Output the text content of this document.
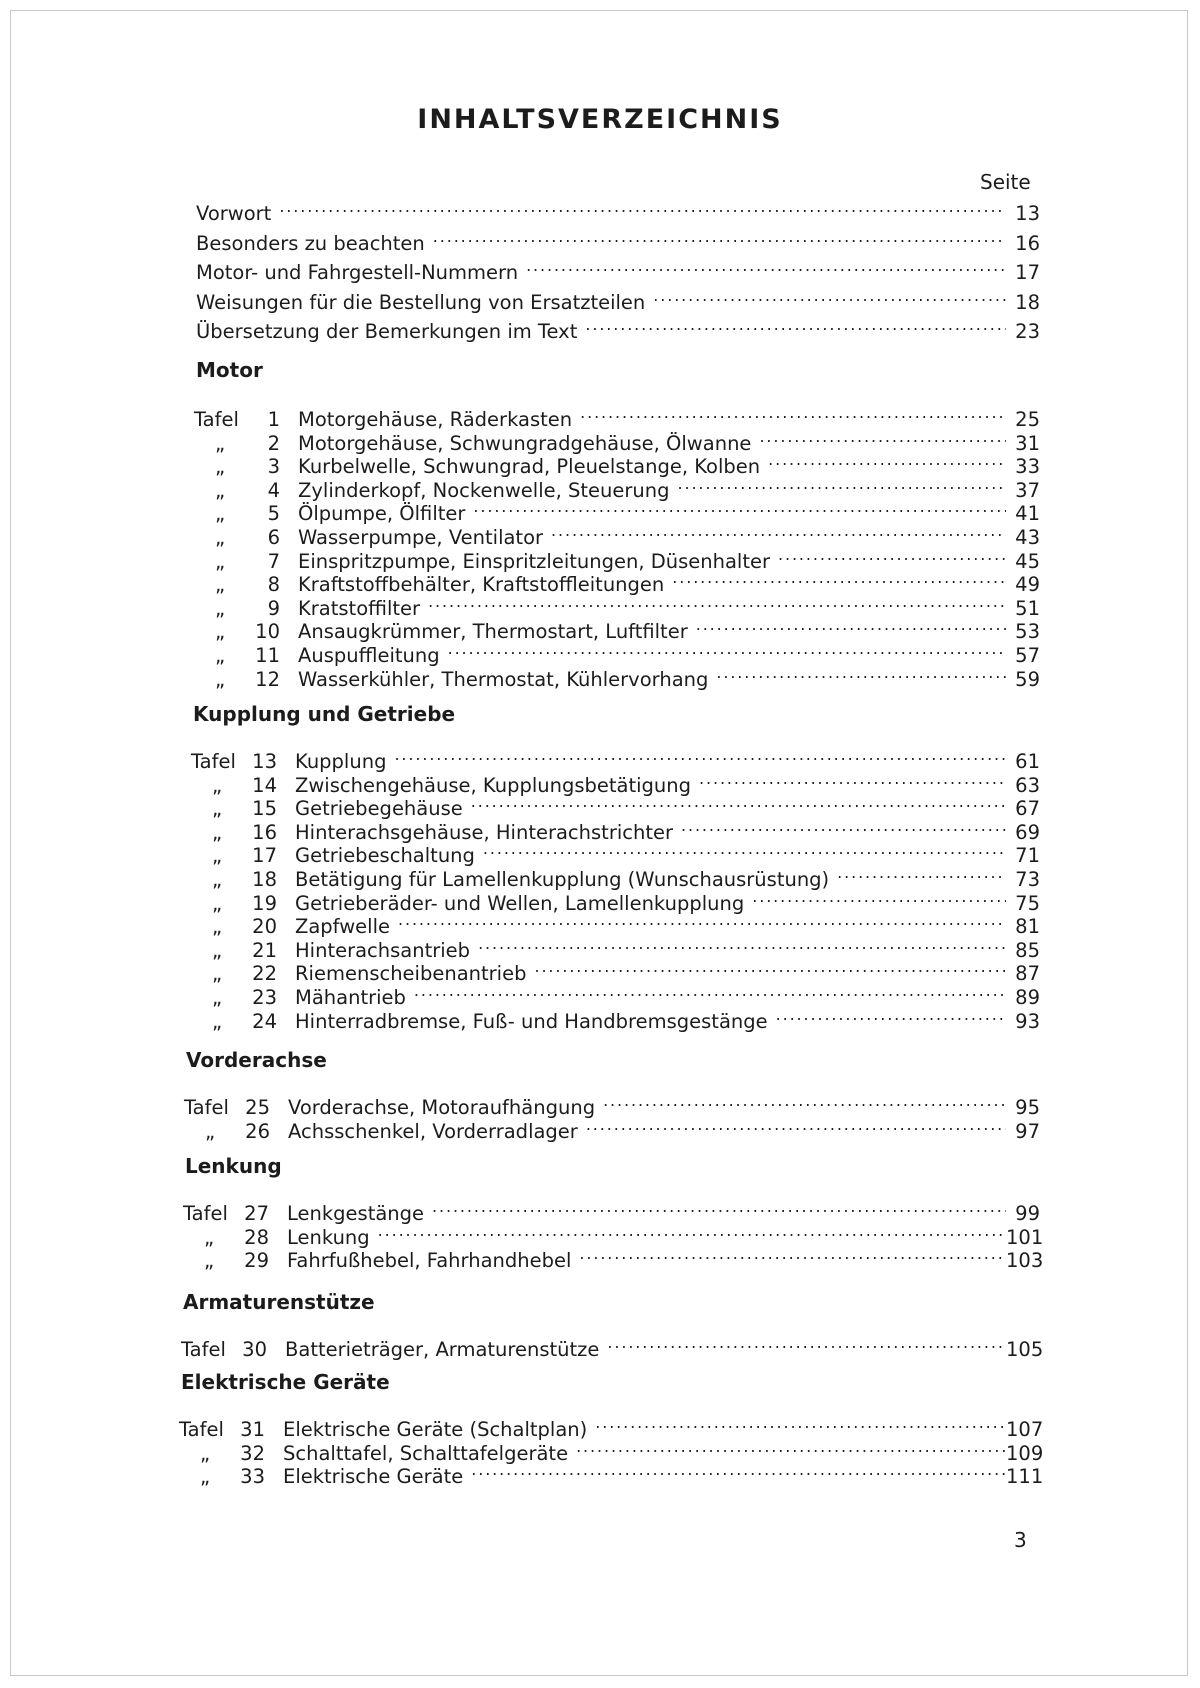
INHALTSVERZEICHNIS
Seite
Vorwort . . .	13
Besonders zu beachten . . .	16
Motor- und Fahrgestell-Nummern . . .	17
Weisungen für die Bestellung von Ersatzteilen . . .	18
Übersetzung der Bemerkungen im Text . . .	23
Motor
Tafel	1 Motorgehäuse, Räderkasten . . .	25
„	2 Motorgehäuse, Schwungradgehäuse, Ölwanne . . .	31
„	3 Kurbelwelle, Schwungrad, Pleuelstange, Kolben . . .	33
„	4 Zylinderkopf, Nockenwelle, Steuerung . . .	37
„	5 Ölpumpe, Ölfilter . . .	41
„	6 Wasserpumpe, Ventilator . . .	43
„	7 Einspritzpumpe, Einspritzleitungen, Düsenhalter . . .	45
„	8 Kraftstoffbehälter, Kraftstoffleitungen . . .	49
„	9 Kratstoffilter . . .	51
„	10 Ansaugkrümmer, Thermostart, Luftfilter . . .	53
„	11 Auspuffleitung . . .	57
„	12 Wasserkühler, Thermostat, Kühlervorhang . . .	59
Kupplung und Getriebe
Tafel 13 Kupplung . . .	61
„	14 Zwischengehäuse, Kupplungsbetätigung . . .	63
„	15 Getriebegehäuse . . .	67
„	16 Hinterachsgehäuse, Hinterachstrichter . . .	69
„	17 Getriebeschaltung . . .	71
„	18 Betätigung für Lamellenkupplung (Wunschausrüstung) . . .	73
„	19 Getrieberäder- und Wellen, Lamellenkupplung . . .	75
„	20 Zapfwelle . . .	81
„	21 Hinterachsantrieb . . .	85
„	22 Riemenscheibenantrieb . . .	87
„	23 Mähantrieb . . .	89
„	24 Hinterradbremse, Fuß- und Handbremsgestänge . . .	93
Vorderachse
Tafel 25 Vorderachse, Motoraufhängung . . .	95
„	26 Achsschenkel, Vorderradlager . . .	97
Lenkung
Tafel 27 Lenkgestänge . . .	99
„	28 Lenkung . . .	101
„	29 Fahrfußhebel, Fahrhandhebel . . .	103
Armaturenstütze
Tafel 30 Batterieträger, Armaturenstütze . . .	105
Elektrische Geräte
Tafel 31 Elektrische Geräte (Schaltplan) . . .	107
„	32 Schalttafel, Schalttafelgeräte . . .	109
„	33 Elektrische Geräte . . .	111
3
